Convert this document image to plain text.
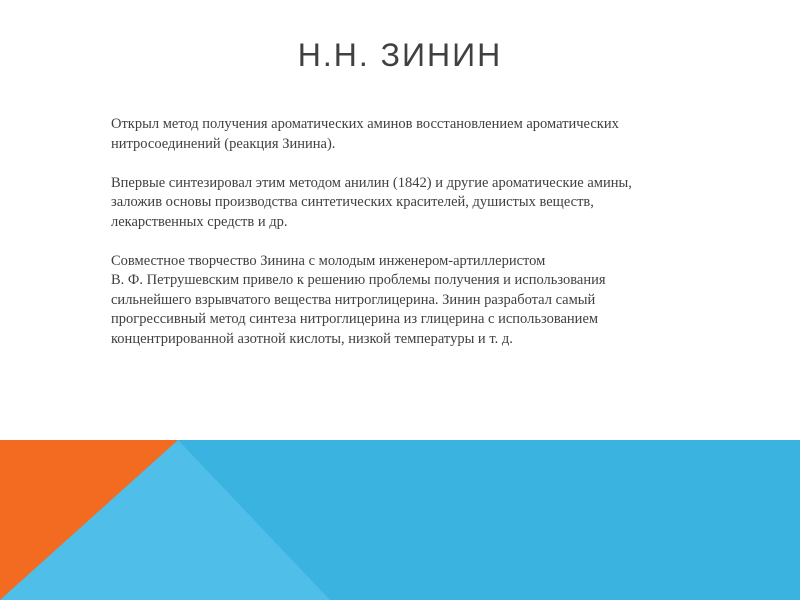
Н.Н. ЗИНИН

Открыл метод получения ароматических аминов восстановлением ароматических
нитросоединений (реакция Зинина).

Впервые синтезировал этим методом анилин (1842) и другие ароматические амины,
заложив основы производства синтетических красителей, душистых веществ,
лекарственных средств и др.

Совместное творчество Зинина с молодым инженером-артиллеристом
В. Ф. Петрушевским привело к решению проблемы получения и использования
сильнейшего взрывчатого вещества нитроглицерина. Зинин разработал самый
прогрессивный метод синтеза нитроглицерина из глицерина с использованием
концентрированной азотной кислоты, низкой температуры и т. д.
